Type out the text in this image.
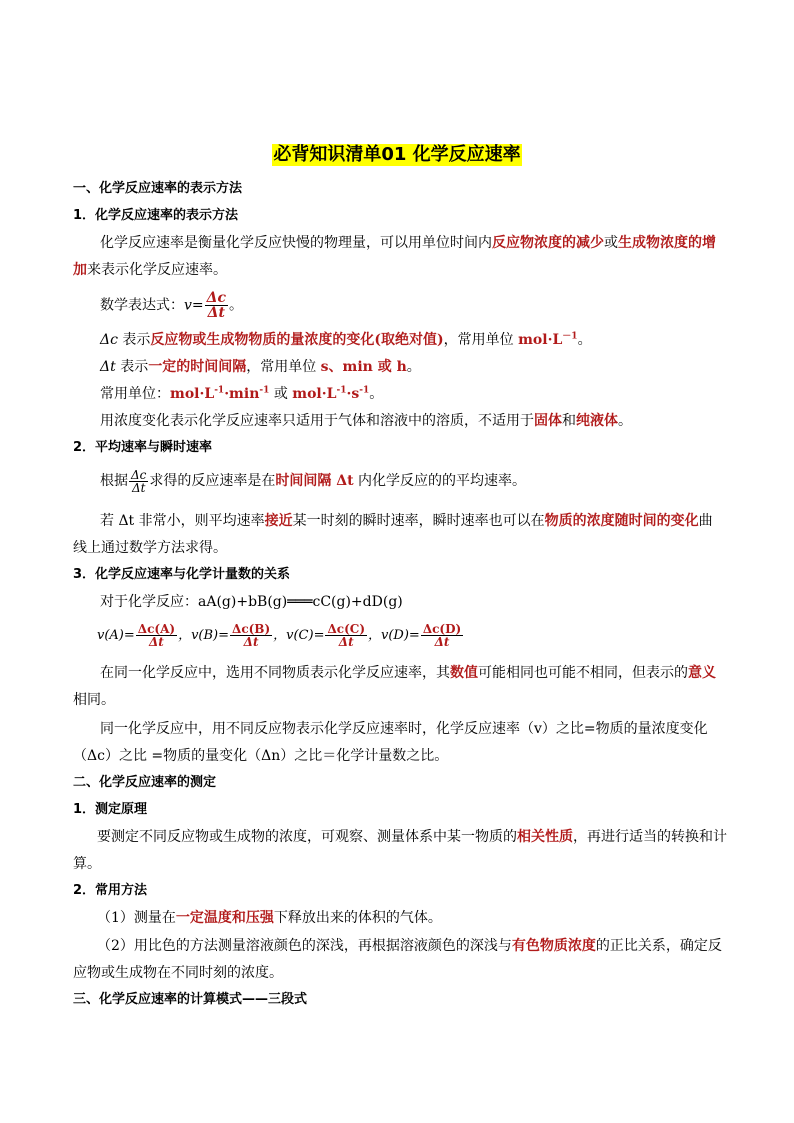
必背知识清单01 化学反应速率
一、化学反应速率的表示方法
1．化学反应速率的表示方法
化学反应速率是衡量化学反应快慢的物理量，可以用单位时间内反应物浓度的减少或生成物浓度的增
加来表示化学反应速率。
数学表达式：$v= \frac{\Delta c}{\Delta t}$ 。
Δc 表示反应物或生成物物质的量浓度的变化(取绝对值)，常用单位 $mol\cdot L^{-1}$。
Δt 表示一定的时间间隔，常用单位 s、min 或 h。
常用单位：$mol\cdot L^{-1}\cdot\min^{-1}$ 或 $mol\cdot L^{-1}\cdot s^{-1}$。
用浓度变化表示化学反应速率只适用于气体和溶液中的溶质，不适用于固体和纯液体。
2．平均速率与瞬时速率
根据 $\frac{\Delta c}{\Delta t}$ 求得的反应速率是在时间间隔 Δt 内化学反应的的平均速率。
若 Δt 非常小，则平均速率接近某一时刻的瞬时速率，瞬时速率也可以在物质的浓度随时间的变化曲
线上通过数学方法求得。
3．化学反应速率与化学计量数的关系
对于化学反应：aA(g)+bB(g)═══cC(g)+dD(g)
$v(A)= \frac{\Delta c(A)}{\Delta t}$ ，$v(B)= \frac{\Delta c(B)}{\Delta t}$ ，$v(C)= \frac{\Delta c(C)}{\Delta t}$ ，$v(D)= \frac{\Delta c(D)}{\Delta t}$
在同一化学反应中，选用不同物质表示化学反应速率，其数值可能相同也可能不相同，但表示的意义
相同。
同一化学反应中，用不同反应物表示化学反应速率时，化学反应速率（v）之比=物质的量浓度变化
（Δc）之比 =物质的量变化（Δn）之比＝化学计量数之比。
二、化学反应速率的测定
1．测定原理
要测定不同反应物或生成物的浓度，可观察、测量体系中某一物质的相关性质，再进行适当的转换和计
算。
2．常用方法
（1）测量在一定温度和压强下释放出来的体积的气体。
（2）用比色的方法测量溶液颜色的深浅，再根据溶液颜色的深浅与有色物质浓度的正比关系，确定反
应物或生成物在不同时刻的浓度。
三、化学反应速率的计算模式——三段式
